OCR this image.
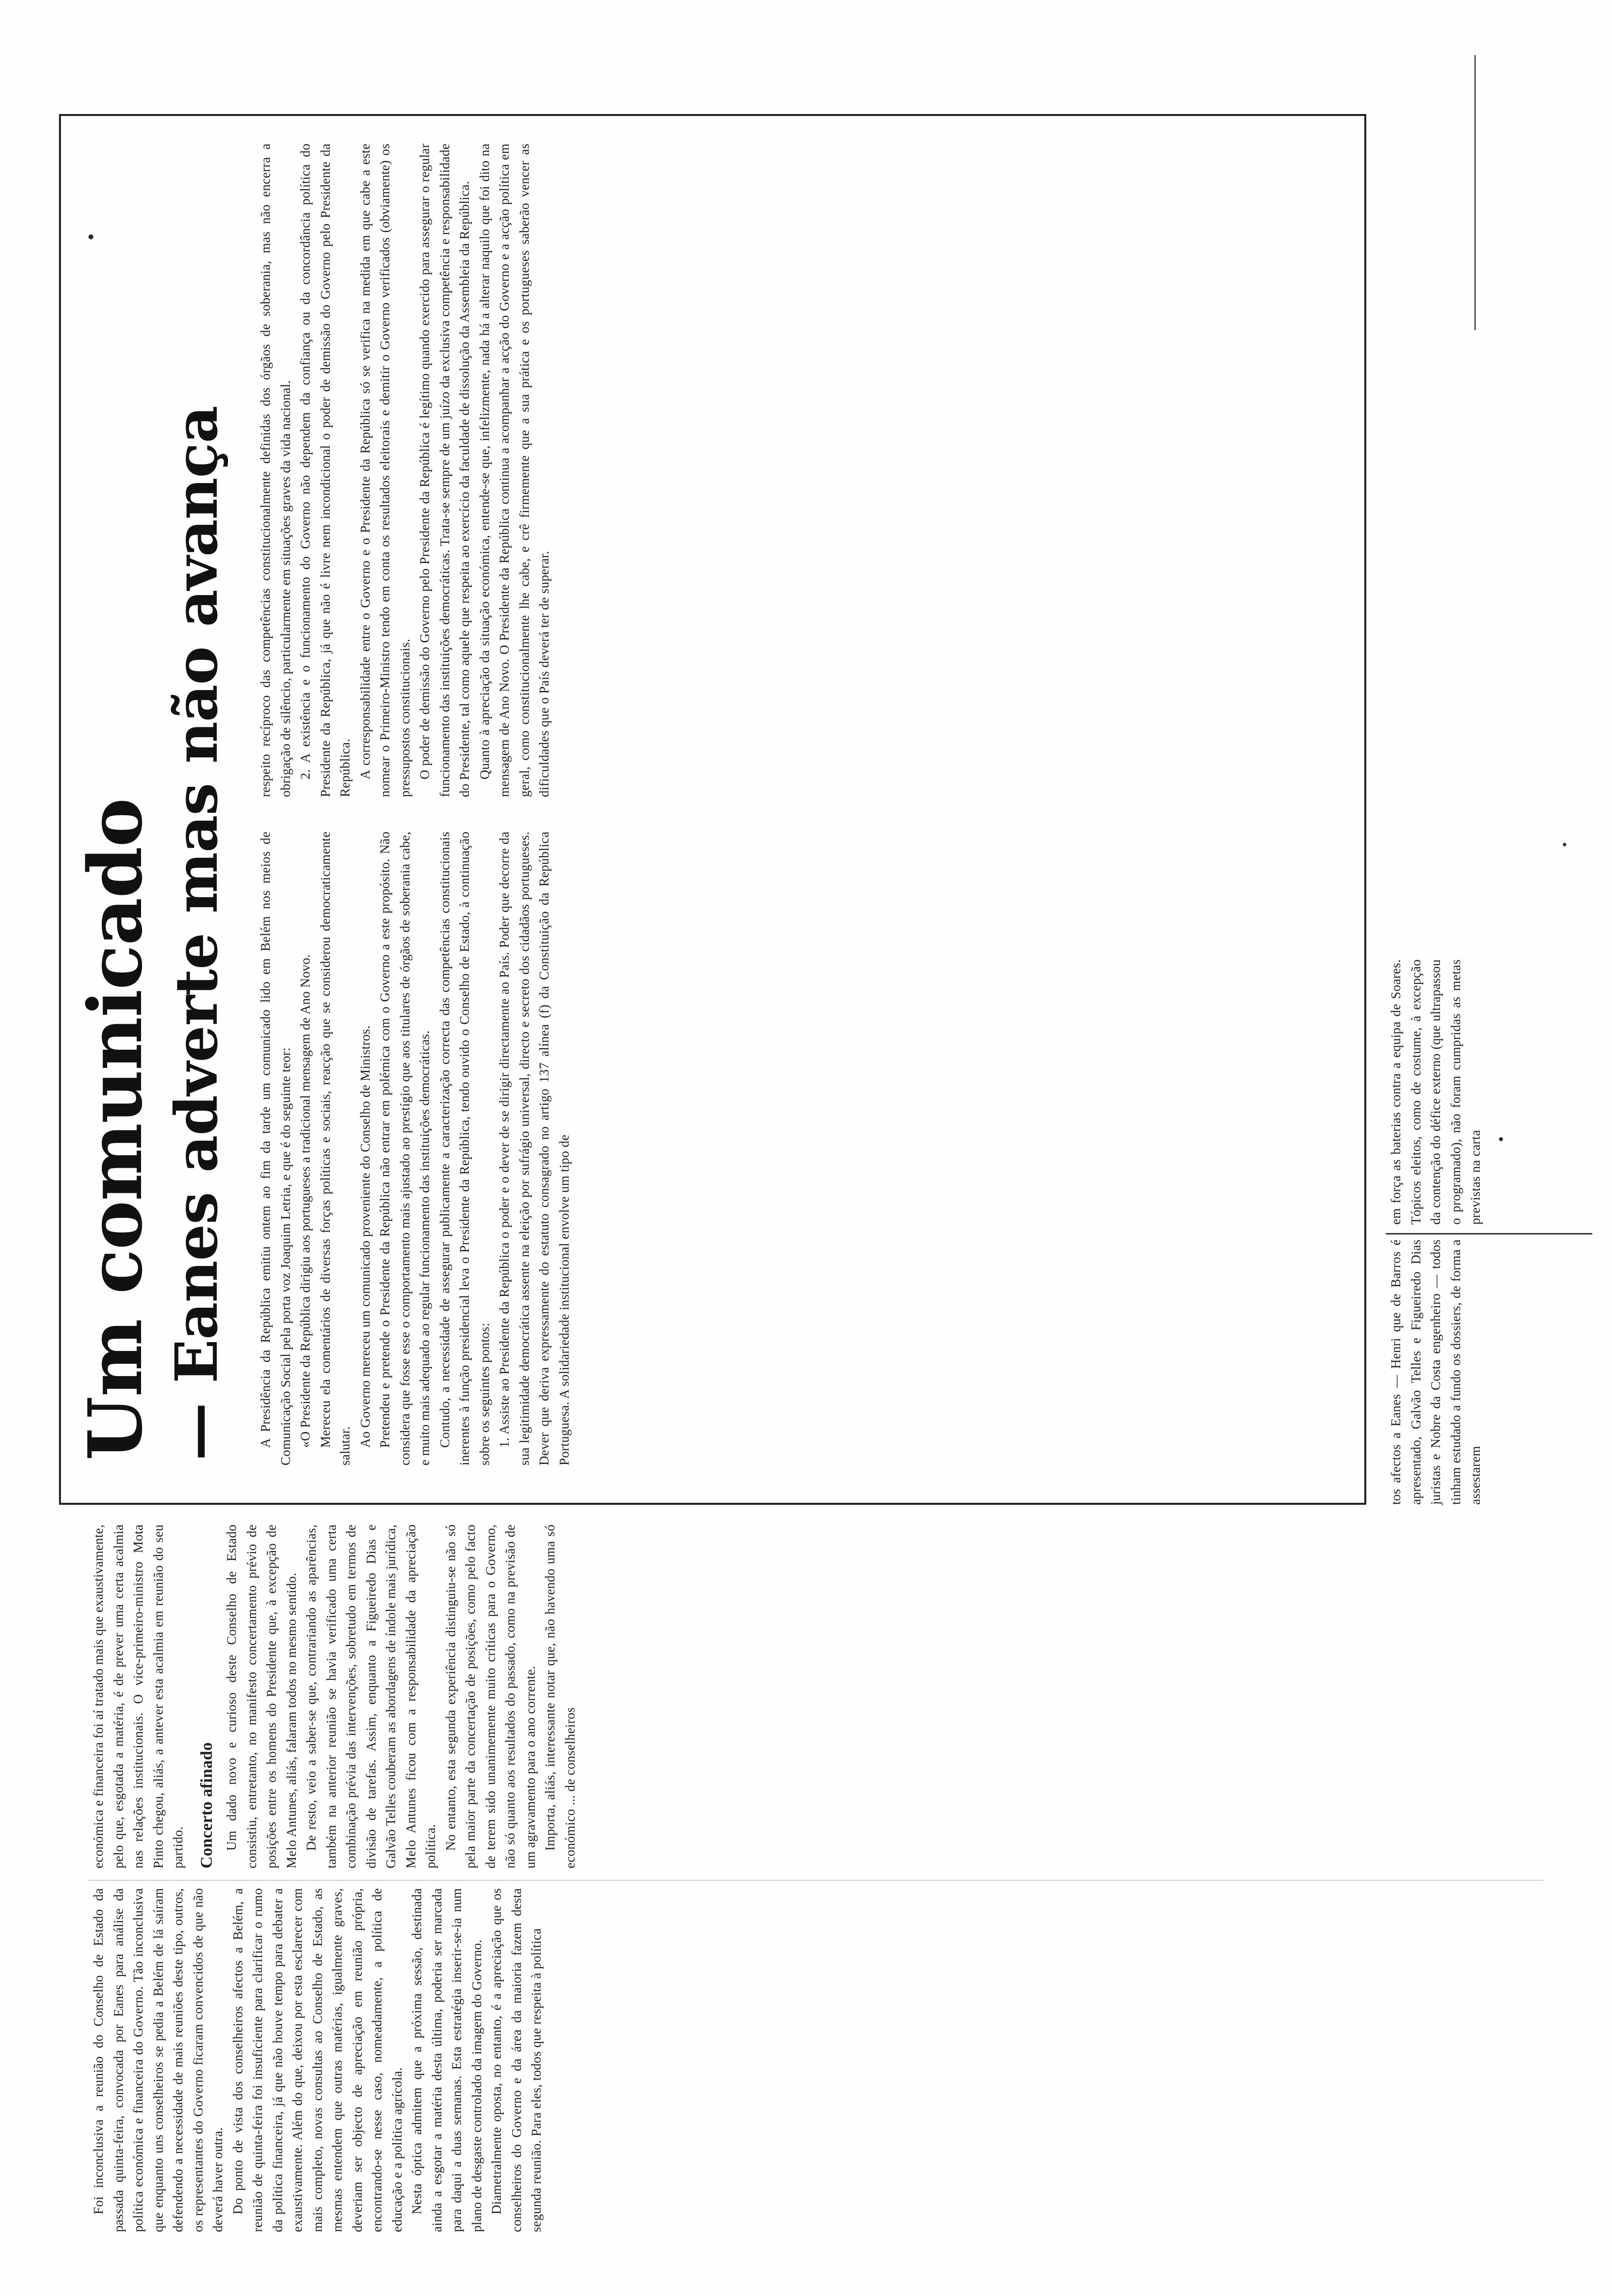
Foi inconclusiva a reunião do Conselho de Estado da passada quinta-feira, convocada por Eanes para análise da política económica e financeira do Governo. Tão inconclusiva que enquanto uns conselheiros se pedia a Belém de lá saíram defendendo a necessidade de mais reuniões deste tipo, outros, os representantes do Governo ficaram convencidos de que não deverá haver outra. Do ponto de vista dos conselheiros afectos a Belém, a reunião de quinta-feira foi insuficiente para clarificar o rumo da política financeira, já que não houve tempo para debater a exaustivamente. Além do que, deixou por esta esclarecer com mais completo, novas consultas ao Conselho de Estado, as mesmas entendem que outras matérias, igualmente graves, deveriam ser objecto de apreciação em reunião própria, encontrando-se nesse caso, nomeadamente, a política de educação e a política agrícola. Nesta óptica admitem que a próxima sessão, destinada ainda a esgotar a matéria desta última, poderia ser marcada para daqui a duas semanas. Esta estratégia inserir-se-ia num plano de desgaste controlado da imagem do Governo. Diametralmente oposta, no entanto, é a apreciação que os conselheiros do Governo e da área da maioria fazem desta segunda reunião. Para eles, todos que respeita à política

económica e financeira foi aí tratado mais que exaustivamente, pelo que, esgotada a matéria, é de prever uma certa acalmia nas relações institucionais. O vice-primeiro-ministro Mota Pinto chegou, aliás, a antever esta acalmia em reunião do seu partido. Concerto afinado Um dado novo e curioso deste Conselho de Estado consistiu, entretanto, no manifesto concertamento prévio de posições entre os homens do Presidente que, à excepção de Melo Antunes, aliás, falaram todos no mesmo sentido. De resto, veio a saber-se que, contrariando as aparências, também na anterior reunião se havia verificado uma certa combinação prévia das intervenções, sobretudo em termos de divisão de tarefas. Assim, enquanto a Figueiredo Dias e Galvão Telles couberam as abordagens de índole mais jurídica, Melo Antunes ficou com a responsabilidade da apreciação política. No entanto, esta segunda experiência distinguiu-se não só pela maior parte da concertação de posições, como pelo facto de terem sido unanimemente muito críticas para o Governo, não só quanto aos resultados do passado, como na previsão de um agravamento para o ano corrente. Importa, aliás, interessante notar que, não havendo uma só económico ... de conselheiros

tos afectos a Eanes — Henri que de Barros é apresentado, Galvão Telles e Figueiredo Dias juristas e Nobre da Costa engenheiro — todos tinham estudado a fundo os dossiers, de forma a assestarem

em força as baterias contra a equipa de Soares. Tópicos eleitos, como de costume, à excepção da contenção do défice externo (que ultrapassou o programado), não foram cumpridas as metas previstas na carta

Um comunicado — Eanes adverte mas não avança A Presidência da República emitiu ontem ao fim da tarde um comunicado lido em Belém nos meios de Comunicação Social pela porta voz Joaquim Letria, e que é do seguinte teor: «O Presidente da República dirigiu aos portugueses a tradicional mensagem de Ano Novo. Mereceu ela comentários de diversas forças políticas e sociais, reacção que se considerou democraticamente salutar. Ao Governo mereceu um comunicado proveniente do Conselho de Ministros. Pretendeu e pretende o Presidente da República não entrar em polémica com o Governo a este propósito. Não considera que fosse esse o comportamento mais ajustado ao prestígio que aos titulares de órgãos de soberania cabe, e muito mais adequado ao regular funcionamento das instituições democráticas. Contudo, a necessidade de assegurar publicamente a caracterização correcta das competências constitucionais inerentes à função presidencial leva o Presidente da República, tendo ouvido o Conselho de Estado, à continuação sobre os seguintes pontos: 1. Assiste ao Presidente da República o poder e o dever de se dirigir directamente ao País. Poder que decorre da sua legitimidade democrática assente na eleição por sufrágio universal, directo e secreto dos cidadãos portugueses. Dever que deriva expressamente do estatuto consagrado no artigo 137 alínea (f) da Constituição da República Portuguesa. A solidariedade institucional envolve um tipo de

respeito recíproco das competências constitucionalmente definidas dos órgãos de soberania, mas não encerra a obrigação de silêncio, particularmente em situações graves da vida nacional. 2. A existência e o funcionamento do Governo não dependem da confiança ou da concordância política do Presidente da República, já que não é livre nem incondicional o poder de demissão do Governo pelo Presidente da República. A corresponsabilidade entre o Governo e o Presidente da República só se verifica na medida em que cabe a este nomear o Primeiro-Ministro tendo em conta os resultados eleitorais e demitir o Governo verificados (obviamente) os pressupostos constitucionais. O poder de demissão do Governo pelo Presidente da República é legítimo quando exercido para assegurar o regular funcionamento das instituições democráticas. Trata-se sempre de um juízo da exclusiva competência e responsabilidade do Presidente, tal como aquele que respeita ao exercício da faculdade de dissolução da Assembleia da República. Quanto à apreciação da situação económica, entende-se que, infelizmente, nada há a alterar naquilo que foi dito na mensagem de Ano Novo. O Presidente da República continua a acompanhar a acção do Governo e a acção política em geral, como constitucionalmente lhe cabe, e crê firmemente que a sua prática e os portugueses saberão vencer as dificuldades que o País deverá ter de superar.
